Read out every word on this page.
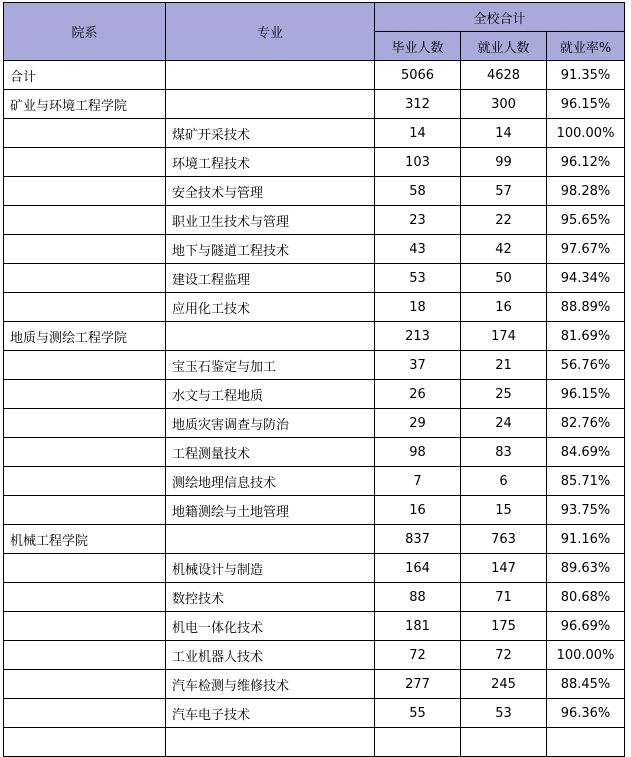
院系	专业	全校合计		
		毕业人数	就业人数	就业率%
合计		5066	4628	91.35%
矿业与环境工程学院		312	300	96.15%
	煤矿开采技术	14	14	100.00%
	环境工程技术	103	99	96.12%
	安全技术与管理	58	57	98.28%
	职业卫生技术与管理	23	22	95.65%
	地下与隧道工程技术	43	42	97.67%
	建设工程监理	53	50	94.34%
	应用化工技术	18	16	88.89%
地质与测绘工程学院		213	174	81.69%
	宝玉石鉴定与加工	37	21	56.76%
	水文与工程地质	26	25	96.15%
	地质灾害调查与防治	29	24	82.76%
	工程测量技术	98	83	84.69%
	测绘地理信息技术	7	6	85.71%
	地籍测绘与土地管理	16	15	93.75%
机械工程学院		837	763	91.16%
	机械设计与制造	164	147	89.63%
	数控技术	88	71	80.68%
	机电一体化技术	181	175	96.69%
	工业机器人技术	72	72	100.00%
	汽车检测与维修技术	277	245	88.45%
	汽车电子技术	55	53	96.36%
